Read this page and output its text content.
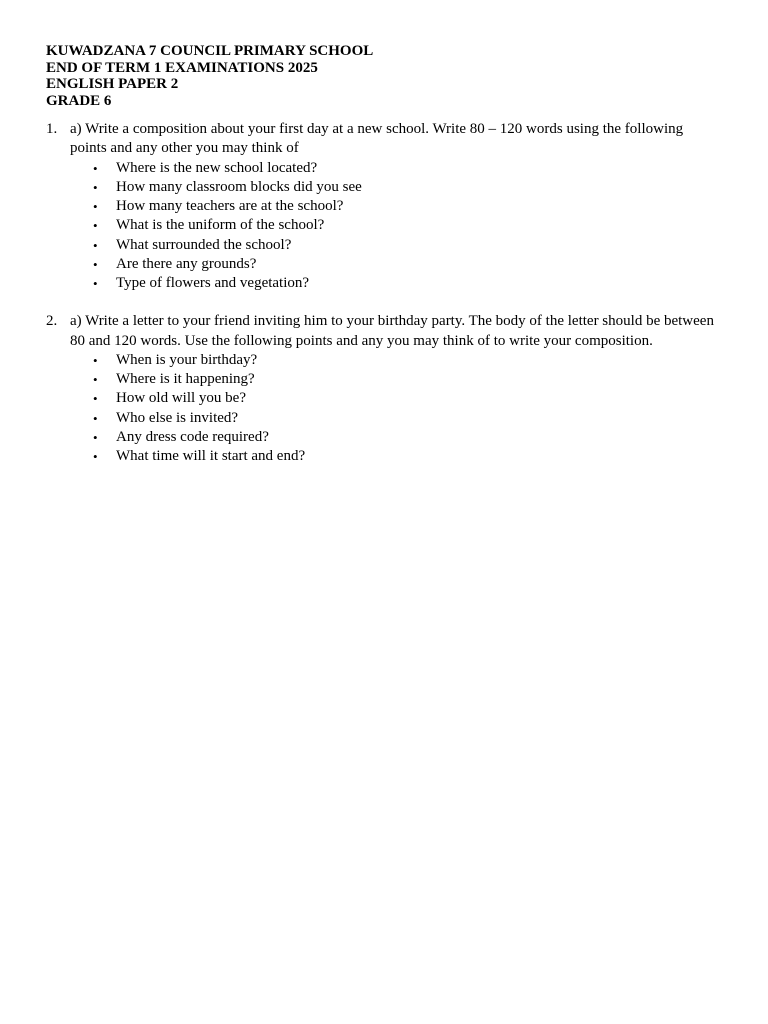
KUWADZANA 7 COUNCIL PRIMARY SCHOOL
END OF TERM 1 EXAMINATIONS 2025
ENGLISH PAPER 2
GRADE 6
1. a) Write a composition about your first day at a new school. Write 80 – 120 words using the following points and any other you may think of
• Where is the new school located?
• How many classroom blocks did you see
• How many teachers are at the school?
• What is the uniform of the school?
• What surrounded the school?
• Are there any grounds?
• Type of flowers and vegetation?
2. a) Write a letter to your friend inviting him to your birthday party. The body of the letter should be between 80 and 120 words. Use the following points and any you may think of to write your composition.
• When is your birthday?
• Where is it happening?
• How old will you be?
• Who else is invited?
• Any dress code required?
• What time will it start and end?
